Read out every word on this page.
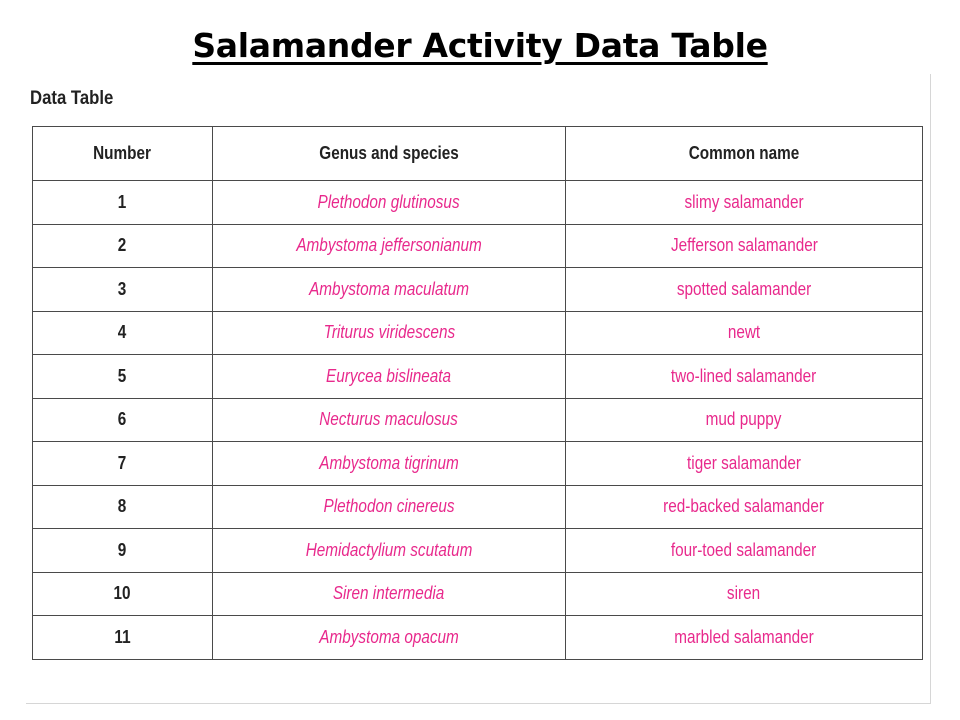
Salamander Activity Data Table
Data Table
Number	Genus and species	Common name
1	Plethodon glutinosus	slimy salamander
2	Ambystoma jeffersonianum	Jefferson salamander
3	Ambystoma maculatum	spotted salamander
4	Triturus viridescens	newt
5	Eurycea bislineata	two-lined salamander
6	Necturus maculosus	mud puppy
7	Ambystoma tigrinum	tiger salamander
8	Plethodon cinereus	red-backed salamander
9	Hemidactylium scutatum	four-toed salamander
10	Siren intermedia	siren
11	Ambystoma opacum	marbled salamander
